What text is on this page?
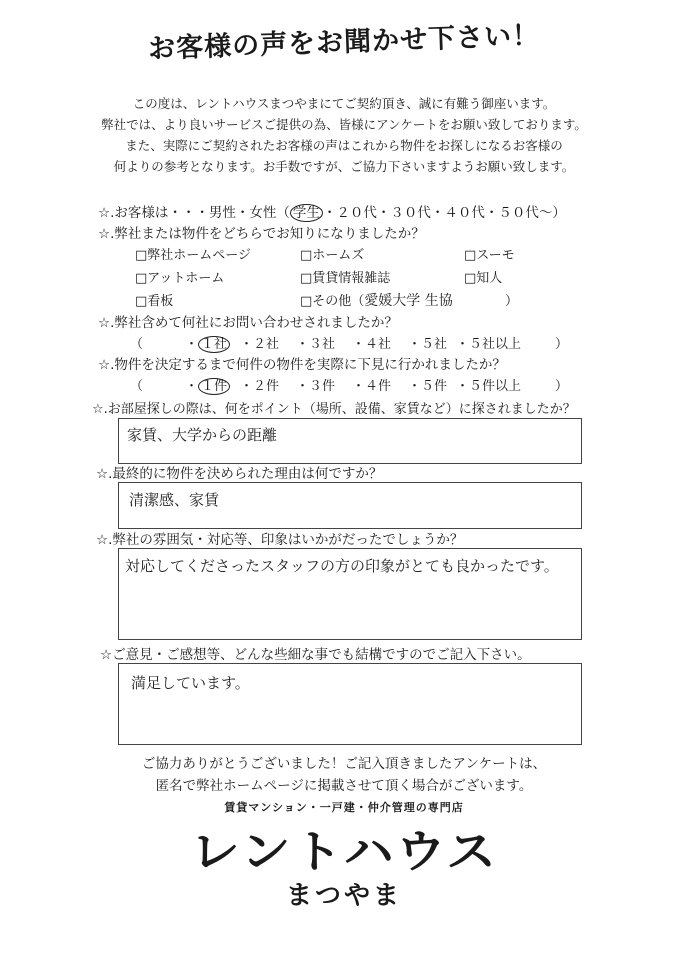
お客様の声をお聞かせ下さい！
この度は、レントハウスまつやまにてご契約頂き、誠に有難う御座います。
弊社では、より良いサービスご提供の為、皆様にアンケートをお願い致しております。
また、実際にご契約されたお客様の声はこれから物件をお探しになるお客様の
何よりの参考となります。お手数ですが、ご協力下さいますようお願い致します。
☆.お客様は・・・男性・女性（ 学生 ・２０代・３０代・４０代・５０代〜）
☆.弊社または物件をどちらでお知りになりましたか？
□弊社ホームページ	□ホームズ	□スーモ
□アットホーム	□賃貸情報雑誌	□知人
□看板	□その他（愛媛大学 生協	）
☆.弊社含めて何社にお問い合わせされましたか？
（	・ １社 ・２社 ・３社 ・４社 ・５社 ・５社以上	）
☆.物件を決定するまで何件の物件を実際に下見に行かれましたか？
（	・ １件 ・２件 ・３件 ・４件 ・５件 ・５件以上	）
☆.お部屋探しの際は、何をポイント（場所、設備、家賃など）に探されましたか？
家賃、大学からの距離
☆.最終的に物件を決められた理由は何ですか？
清潔感、家賃
☆.弊社の雰囲気・対応等、印象はいかがだったでしょうか？
対応してくださったスタッフの方の印象がとても良かったです。
☆ご意見・ご感想等、どんな些細な事でも結構ですのでご記入下さい。
満足しています。
ご協力ありがとうございました！ご記入頂きましたアンケートは、
匿名で弊社ホームページに掲載させて頂く場合がございます。
賃貸マンション・一戸建・仲介管理の専門店
レントハウス
まつやま
